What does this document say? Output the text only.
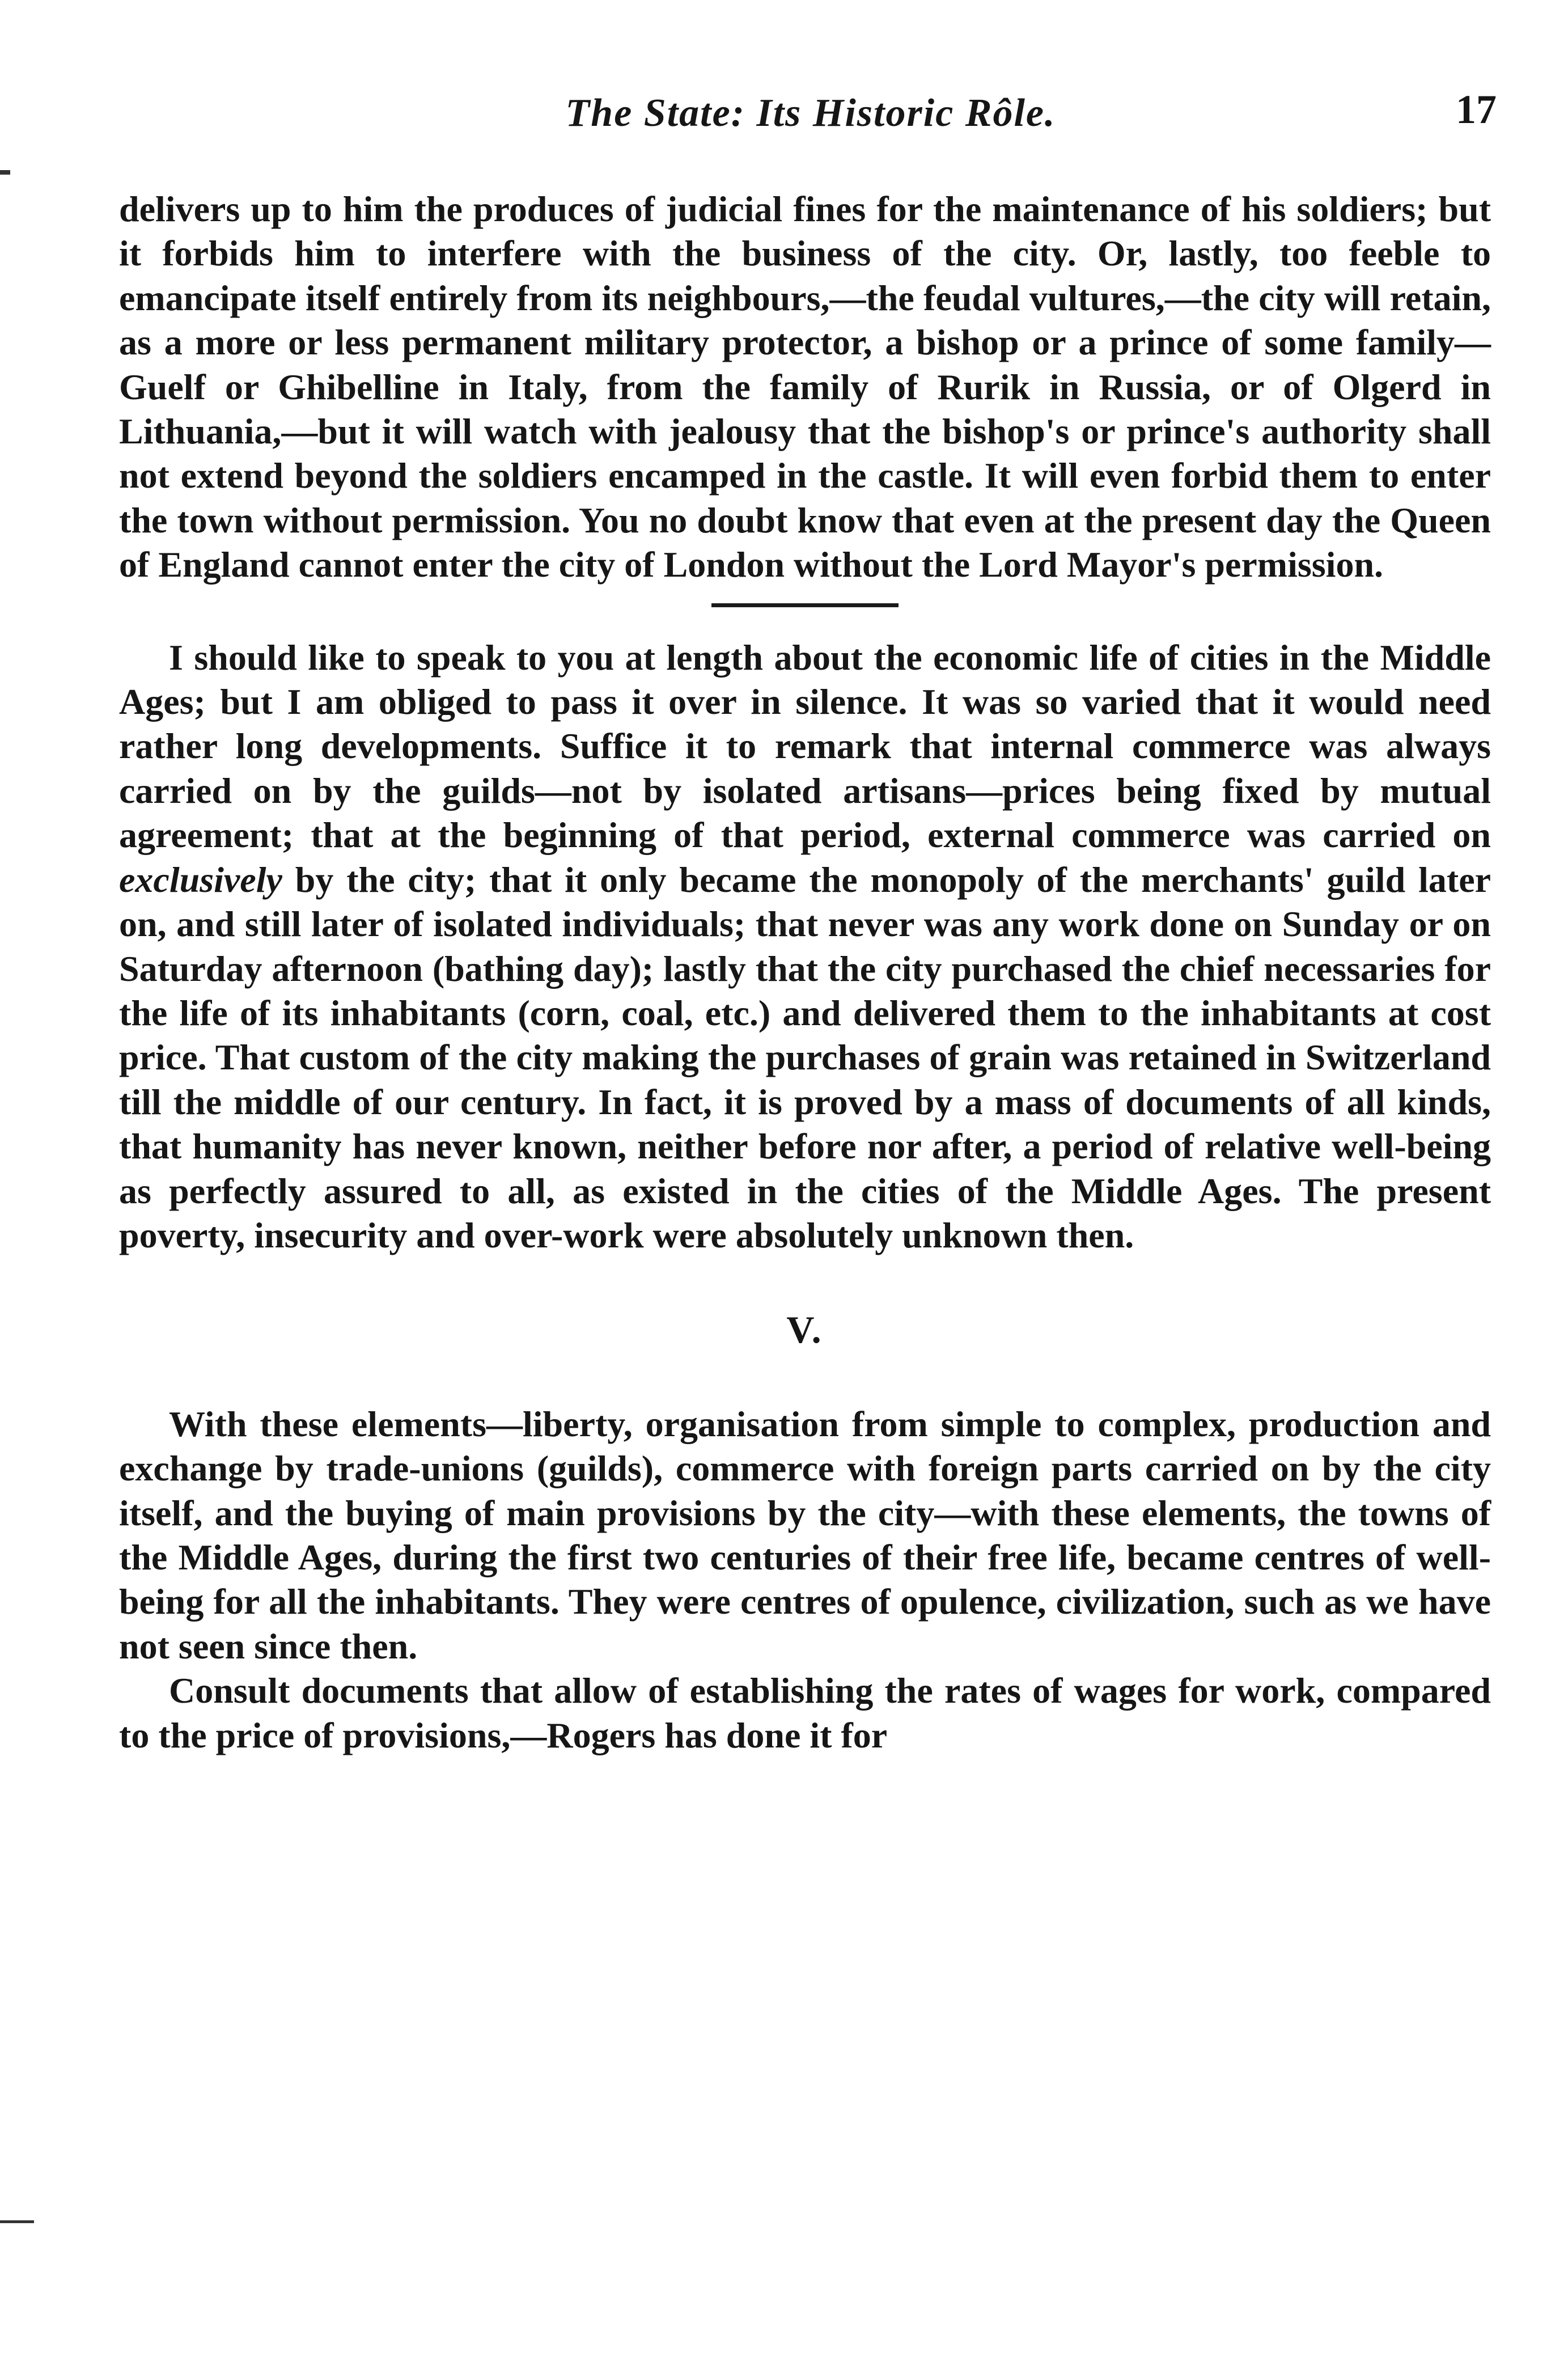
The State: Its Historic Rôle.	17

delivers up to him the produces of judicial fines for the maintenance of his soldiers; but it forbids him to interfere with the business of the city. Or, lastly, too feeble to emancipate itself entirely from its neighbours,—the feudal vultures,—the city will retain, as a more or less permanent military protector, a bishop or a prince of some family—Guelf or Ghibelline in Italy, from the family of Rurik in Russia, or of Olgerd in Lithuania,—but it will watch with jealousy that the bishop's or prince's authority shall not extend beyond the soldiers encamped in the castle. It will even forbid them to enter the town without permission. You no doubt know that even at the present day the Queen of England cannot enter the city of London without the Lord Mayor's permission.

I should like to speak to you at length about the economic life of cities in the Middle Ages; but I am obliged to pass it over in silence. It was so varied that it would need rather long developments. Suffice it to remark that internal commerce was always carried on by the guilds—not by isolated artisans—prices being fixed by mutual agreement; that at the beginning of that period, external commerce was carried on exclusively by the city; that it only became the monopoly of the merchants' guild later on, and still later of isolated individuals; that never was any work done on Sunday or on Saturday afternoon (bathing day); lastly that the city purchased the chief necessaries for the life of its inhabitants (corn, coal, etc.) and delivered them to the inhabitants at cost price. That custom of the city making the purchases of grain was retained in Switzerland till the middle of our century. In fact, it is proved by a mass of documents of all kinds, that humanity has never known, neither before nor after, a period of relative well-being as perfectly assured to all, as existed in the cities of the Middle Ages. The present poverty, insecurity and over-work were absolutely unknown then.

V.

With these elements—liberty, organisation from simple to complex, production and exchange by trade-unions (guilds), commerce with foreign parts carried on by the city itself, and the buying of main provisions by the city—with these elements, the towns of the Middle Ages, during the first two centuries of their free life, became centres of well-being for all the inhabitants. They were centres of opulence, civilization, such as we have not seen since then.

Consult documents that allow of establishing the rates of wages for work, compared to the price of provisions,—Rogers has done it for
